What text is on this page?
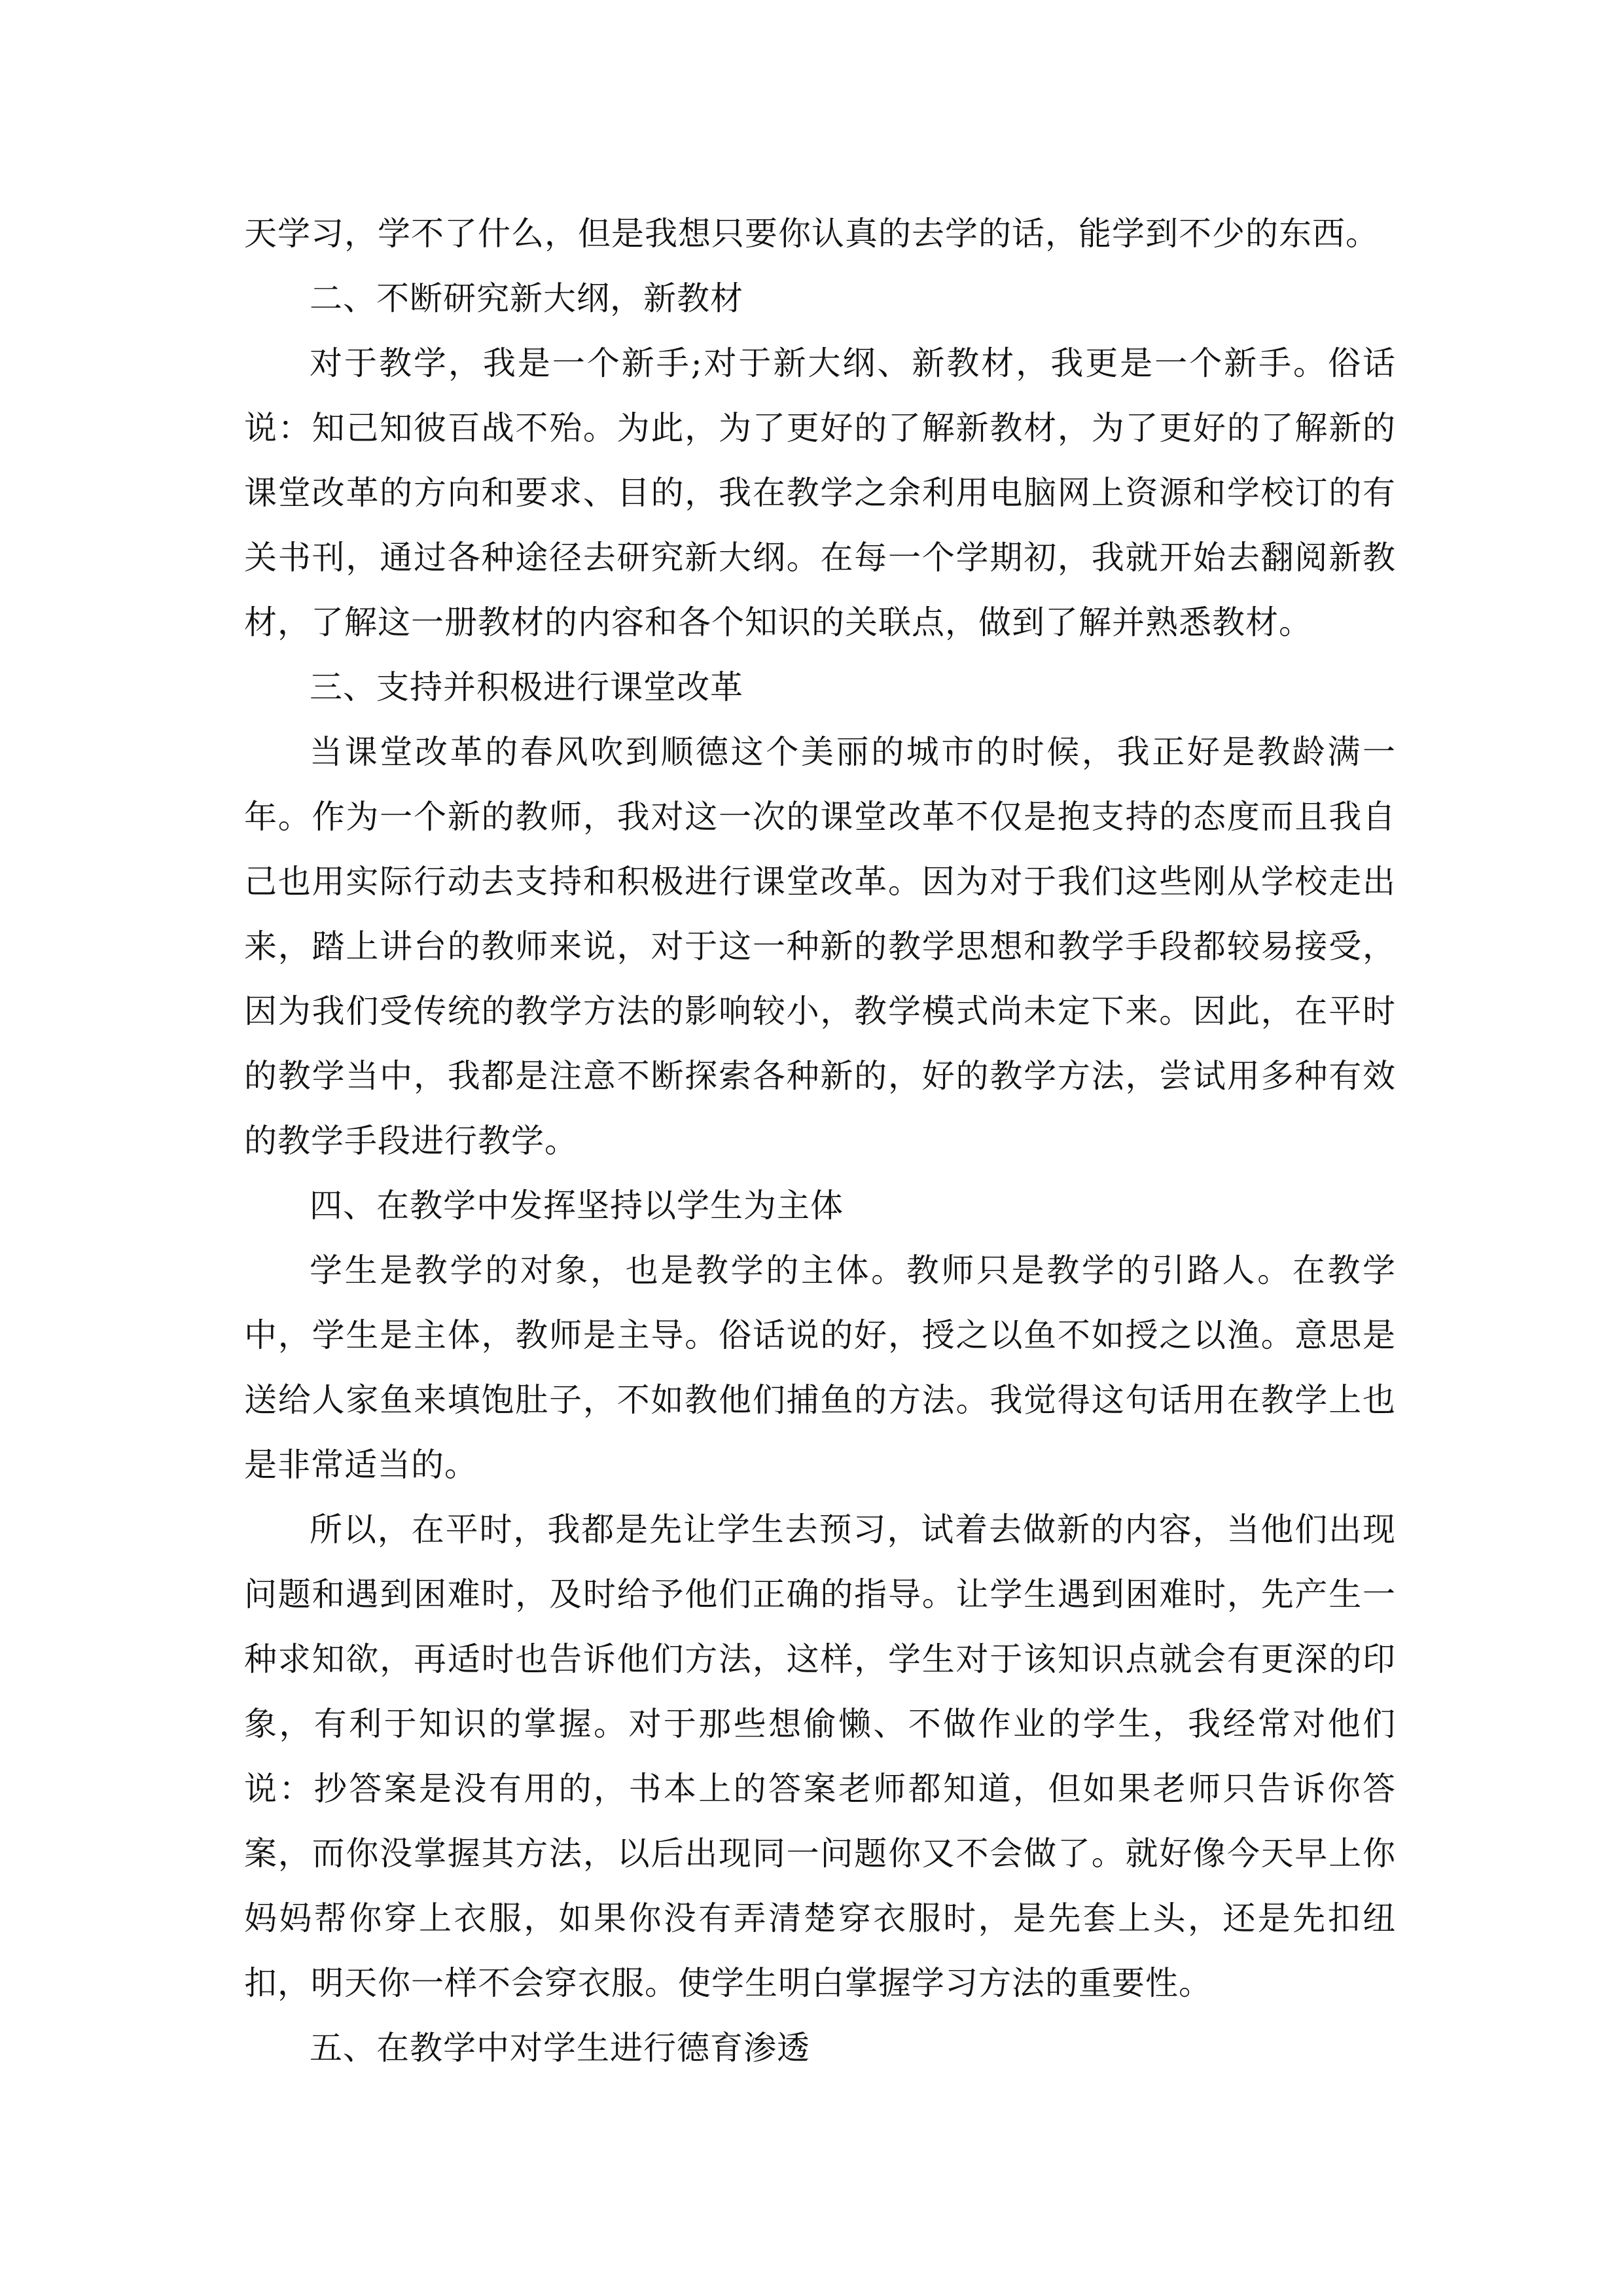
天学习，学不了什么，但是我想只要你认真的去学的话，能学到不少的东西。

二、不断研究新大纲，新教材

对于教学，我是一个新手;对于新大纲、新教材，我更是一个新手。俗话说：知己知彼百战不殆。为此，为了更好的了解新教材，为了更好的了解新的课堂改革的方向和要求、目的，我在教学之余利用电脑网上资源和学校订的有关书刊，通过各种途径去研究新大纲。在每一个学期初，我就开始去翻阅新教材，了解这一册教材的内容和各个知识的关联点，做到了解并熟悉教材。

三、支持并积极进行课堂改革

当课堂改革的春风吹到顺德这个美丽的城市的时候，我正好是教龄满一年。作为一个新的教师，我对这一次的课堂改革不仅是抱支持的态度而且我自己也用实际行动去支持和积极进行课堂改革。因为对于我们这些刚从学校走出来，踏上讲台的教师来说，对于这一种新的教学思想和教学手段都较易接受，因为我们受传统的教学方法的影响较小，教学模式尚未定下来。因此，在平时的教学当中，我都是注意不断探索各种新的，好的教学方法，尝试用多种有效的教学手段进行教学。

四、在教学中发挥坚持以学生为主体

学生是教学的对象，也是教学的主体。教师只是教学的引路人。在教学中，学生是主体，教师是主导。俗话说的好，授之以鱼不如授之以渔。意思是送给人家鱼来填饱肚子，不如教他们捕鱼的方法。我觉得这句话用在教学上也是非常适当的。

所以，在平时，我都是先让学生去预习，试着去做新的内容，当他们出现问题和遇到困难时，及时给予他们正确的指导。让学生遇到困难时，先产生一种求知欲，再适时也告诉他们方法，这样，学生对于该知识点就会有更深的印象，有利于知识的掌握。对于那些想偷懒、不做作业的学生，我经常对他们说：抄答案是没有用的，书本上的答案老师都知道，但如果老师只告诉你答案，而你没掌握其方法，以后出现同一问题你又不会做了。就好像今天早上你妈妈帮你穿上衣服，如果你没有弄清楚穿衣服时，是先套上头，还是先扣纽扣，明天你一样不会穿衣服。使学生明白掌握学习方法的重要性。

五、在教学中对学生进行德育渗透
